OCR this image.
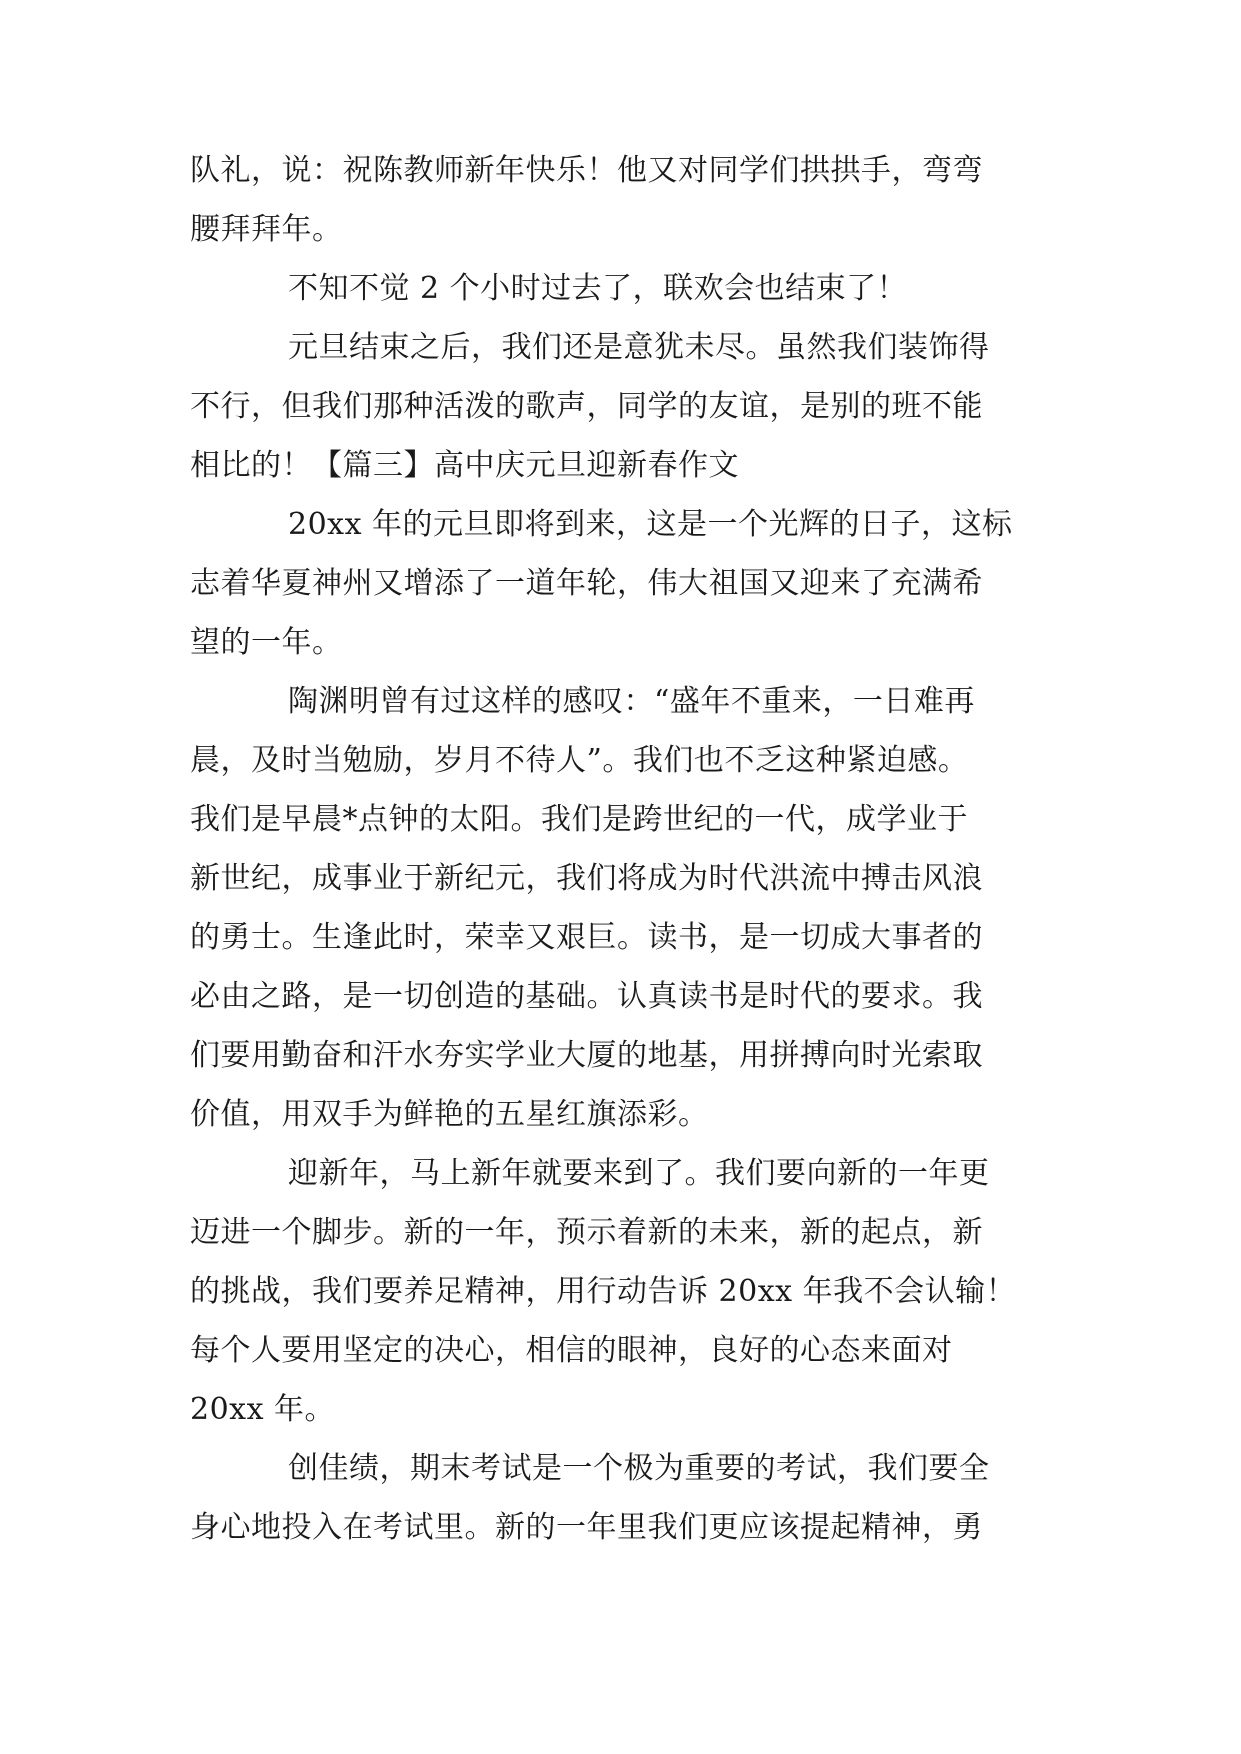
队礼，说：祝陈教师新年快乐！他又对同学们拱拱手，弯弯
腰拜拜年。
不知不觉 2 个小时过去了，联欢会也结束了！
元旦结束之后，我们还是意犹未尽。虽然我们装饰得
不行，但我们那种活泼的歌声，同学的友谊，是别的班不能
相比的！【篇三】高中庆元旦迎新春作文
20xx 年的元旦即将到来，这是一个光辉的日子，这标
志着华夏神州又增添了一道年轮，伟大祖国又迎来了充满希
望的一年。
陶渊明曾有过这样的感叹：“盛年不重来，一日难再
晨，及时当勉励，岁月不待人”。我们也不乏这种紧迫感。
我们是早晨*点钟的太阳。我们是跨世纪的一代，成学业于
新世纪，成事业于新纪元，我们将成为时代洪流中搏击风浪
的勇士。生逢此时，荣幸又艰巨。读书，是一切成大事者的
必由之路，是一切创造的基础。认真读书是时代的要求。我
们要用勤奋和汗水夯实学业大厦的地基，用拼搏向时光索取
价值，用双手为鲜艳的五星红旗添彩。
迎新年，马上新年就要来到了。我们要向新的一年更
迈进一个脚步。新的一年，预示着新的未来，新的起点，新
的挑战，我们要养足精神，用行动告诉 20xx 年我不会认输！
每个人要用坚定的决心，相信的眼神，良好的心态来面对
20xx 年。
创佳绩，期末考试是一个极为重要的考试，我们要全
身心地投入在考试里。新的一年里我们更应该提起精神，勇
